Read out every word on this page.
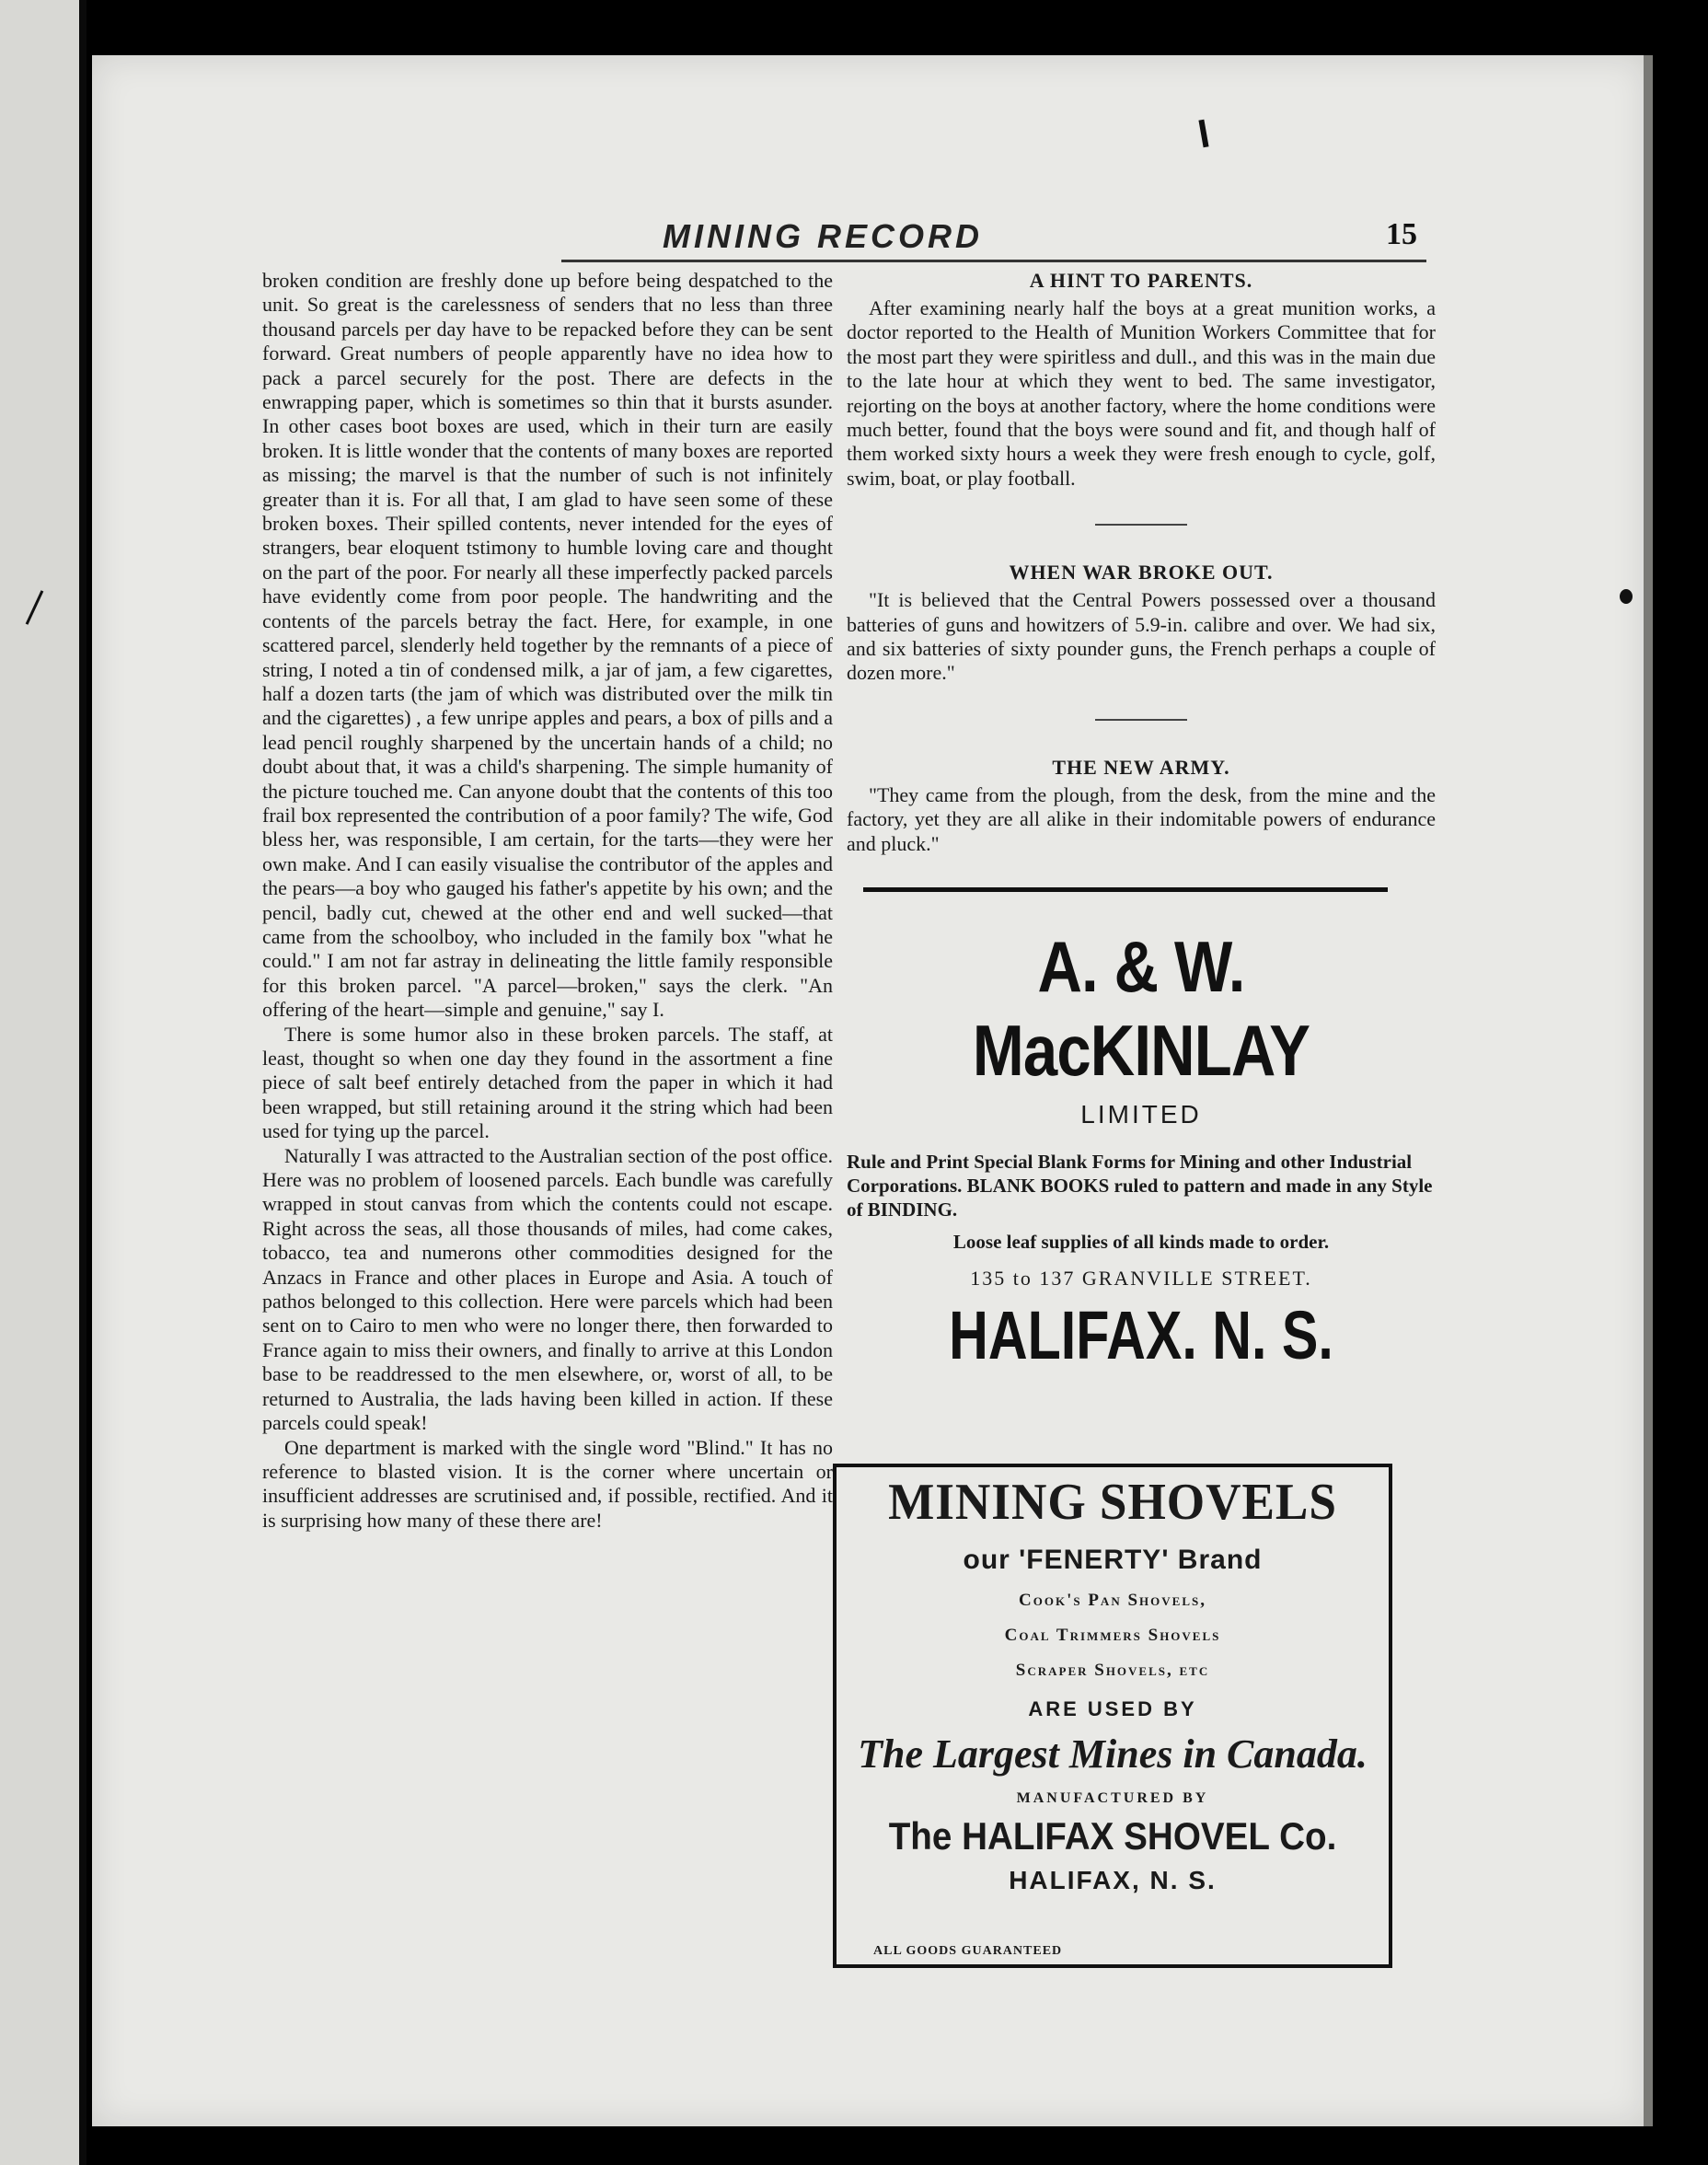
MINING RECORD	15

broken condition are freshly done up before being despatched to the unit. So great is the carelessness of senders that no less than three thousand parcels per day have to be repacked before they can be sent forward. Great numbers of people apparently have no idea how to pack a parcel securely for the post. There are defects in the enwrapping paper, which is sometimes so thin that it bursts asunder. In other cases boot boxes are used, which in their turn are easily broken. It is little wonder that the contents of many boxes are reported as missing; the marvel is that the number of such is not infinitely greater than it is. For all that, I am glad to have seen some of these broken boxes. Their spilled contents, never intended for the eyes of strangers, bear eloquent tstimony to humble loving care and thought on the part of the poor. For nearly all these imperfectly packed parcels have evidently come from poor people. The handwriting and the contents of the parcels betray the fact. Here, for example, in one scattered parcel, slenderly held together by the remnants of a piece of string, I noted a tin of condensed milk, a jar of jam, a few cigarettes, half a dozen tarts (the jam of which was distributed over the milk tin and the cigarettes) , a few unripe apples and pears, a box of pills and a lead pencil roughly sharpened by the uncertain hands of a child; no doubt about that, it was a child's sharpening. The simple humanity of the picture touched me. Can anyone doubt that the contents of this too frail box represented the contribution of a poor family? The wife, God bless her, was responsible, I am certain, for the tarts—they were her own make. And I can easily visualise the contributor of the apples and the pears—a boy who gauged his father's appetite by his own; and the pencil, badly cut, chewed at the other end and well sucked—that came from the schoolboy, who included in the family box "what he could." I am not far astray in delineating the little family responsible for this broken parcel. "A parcel—broken," says the clerk. "An offering of the heart—simple and genuine," say I.

There is some humor also in these broken parcels. The staff, at least, thought so when one day they found in the assortment a fine piece of salt beef entirely detached from the paper in which it had been wrapped, but still retaining around it the string which had been used for tying up the parcel.

Naturally I was attracted to the Australian section of the post office. Here was no problem of loosened parcels. Each bundle was carefully wrapped in stout canvas from which the contents could not escape. Right across the seas, all those thousands of miles, had come cakes, tobacco, tea and numerons other commodities designed for the Anzacs in France and other places in Europe and Asia. A touch of pathos belonged to this collection. Here were parcels which had been sent on to Cairo to men who were no longer there, then forwarded to France again to miss their owners, and finally to arrive at this London base to be readdressed to the men elsewhere, or, worst of all, to be returned to Australia, the lads having been killed in action. If these parcels could speak!

One department is marked with the single word "Blind." It has no reference to blasted vision. It is the corner where uncertain or insufficient addresses are scrutinised and, if possible, rectified. And it is surprising how many of these there are!

A HINT TO PARENTS.

After examining nearly half the boys at a great munition works, a doctor reported to the Health of Munition Workers Committee that for the most part they were spiritless and dull., and this was in the main due to the late hour at which they went to bed. The same investigator, rejorting on the boys at another factory, where the home conditions were much better, found that the boys were sound and fit, and though half of them worked sixty hours a week they were fresh enough to cycle, golf, swim, boat, or play football.

WHEN WAR BROKE OUT.

"It is believed that the Central Powers possessed over a thousand batteries of guns and howitzers of 5.9-in. calibre and over. We had six, and six batteries of sixty pounder guns, the French perhaps a couple of dozen more."

THE NEW ARMY.

"They came from the plough, from the desk, from the mine and the factory, yet they are all alike in their indomitable powers of endurance and pluck."

A. & W. MacKINLAY
LIMITED
Rule and Print Special Blank Forms for Mining and other Industrial Corporations. BLANK BOOKS ruled to pattern and made in any Style of BINDING.
Loose leaf supplies of all kinds made to order.
135 to 137 GRANVILLE STREET.
HALIFAX. N. S.
MINING SHOVELS
our 'FENERTY' Brand
Cook's Pan Shovels,
Coal Trimmers Shovels
Scraper Shovels, etc
ARE USED BY
The Largest Mines in Canada.
MANUFACTURED BY
The HALIFAX SHOVEL Co.
HALIFAX, N. S.
ALL GOODS GUARANTEED
